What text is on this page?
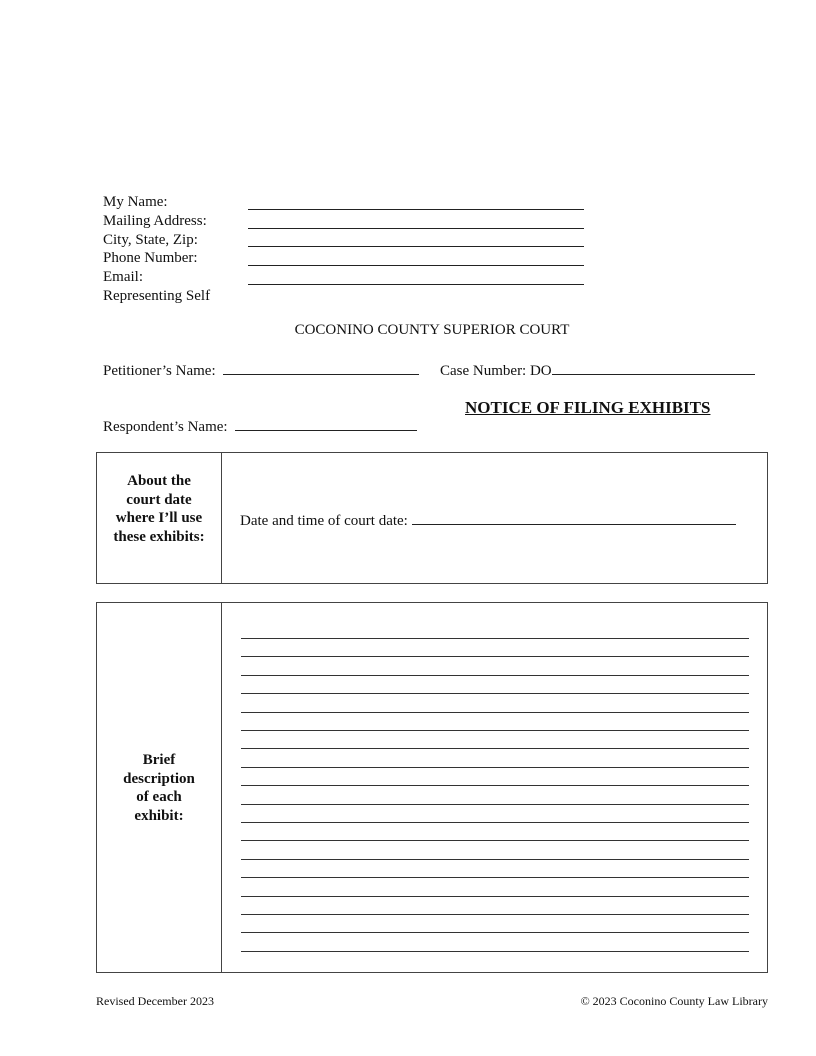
My Name:
Mailing Address:
City, State, Zip:
Phone Number:
Email:
Representing Self
COCONINO COUNTY SUPERIOR COURT
Petitioner’s Name:	Case Number: DO
NOTICE OF FILING EXHIBITS
Respondent’s Name:
About the court date where I’ll use these exhibits:
Date and time of court date:
Brief description of each exhibit:
Revised December 2023	© 2023 Coconino County Law Library
